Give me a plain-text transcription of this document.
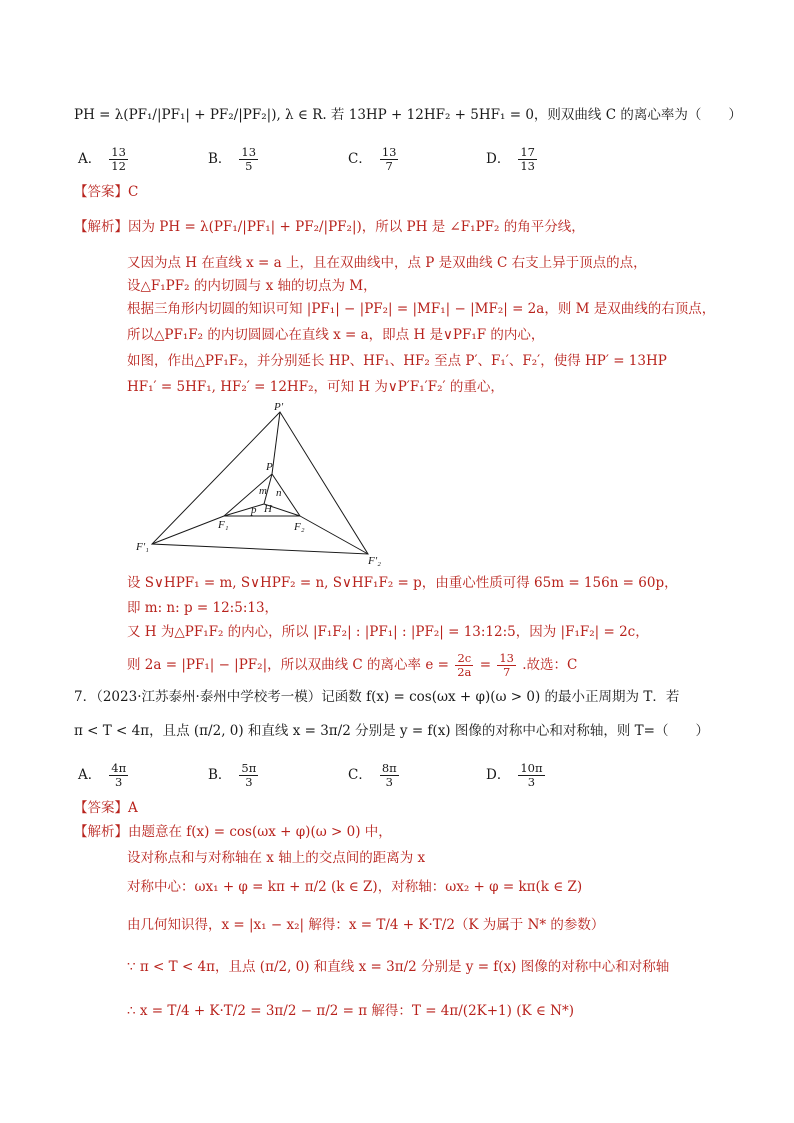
PH = λ(PF₁/|PF₁| + PF₂/|PF₂|), λ ∈ R. 若 13HP + 12HF₂ + 5HF₁ = 0，则双曲线 C 的离心率为（　　）
A． $\frac{13}{12}$	B． $\frac{13}{5}$	C． $\frac{13}{7}$	D． $\frac{17}{13}$
【答案】C
【解析】因为 PH = λ(PF₁/|PF₁| + PF₂/|PF₂|)，所以 PH 是 ∠F₁PF₂ 的角平分线，
又因为点 H 在直线 x = a 上，且在双曲线中，点 P 是双曲线 C 右支上异于顶点的点，
设△F₁PF₂ 的内切圆与 x 轴的切点为 M，
根据三角形内切圆的知识可知 |PF₁| − |PF₂| = |MF₁| − |MF₂| = 2a，则 M 是双曲线的右顶点，
所以△PF₁F₂ 的内切圆圆心在直线 x = a，即点 H 是∨PF₁F 的内心，
如图，作出△PF₁F₂，并分别延长 HP、HF₁、HF₂ 至点 P′、F₁′、F₂′，使得 HP′ = 13HP
HF₁′ = 5HF₁, HF₂′ = 12HF₂，可知 H 为∨P′F₁′F₂′ 的重心，
P′
P
m n
p H
F₁	F₂
F′₁
F′₂
设 S∨HPF₁ = m, S∨HPF₂ = n, S∨HF₁F₂ = p，由重心性质可得 65m = 156n = 60p，
即 m: n: p = 12:5:13，
又 H 为△PF₁F₂ 的内心，所以 |F₁F₂| : |PF₁| : |PF₂| = 13:12:5，因为 |F₁F₂| = 2c，
则 2a = |PF₁| − |PF₂|，所以双曲线 C 的离心率 $e = \frac{2c}{2a} = \frac{13}{7}$ .故选：C
7．（2023·江苏泰州·泰州中学校考一模）记函数 f(x) = cos(ωx + φ)(ω > 0) 的最小正周期为 T．若
π < T < 4π，且点 (π/2, 0) 和直线 x = 3π/2 分别是 y = f(x) 图像的对称中心和对称轴，则 T=（　　）
A． $\frac{4\pi}{3}$	B． $\frac{5\pi}{3}$	C． $\frac{8\pi}{3}$	D． $\frac{10\pi}{3}$
【答案】A
【解析】由题意在 f(x) = cos(ωx + φ)(ω > 0) 中，
设对称点和与对称轴在 x 轴上的交点间的距离为 x
对称中心：ωx₁ + φ = kπ + π/2 (k ∈ Z)，对称轴：ωx₂ + φ = kπ(k ∈ Z)
由几何知识得，x = |x₁ − x₂| 解得：x = T/4 + K·T/2（K 为属于 N* 的参数）
∵ π < T < 4π，且点 (π/2, 0) 和直线 x = 3π/2 分别是 y = f(x) 图像的对称中心和对称轴
∴ x = T/4 + K·T/2 = 3π/2 − π/2 = π 解得：T = 4π/(2K+1) (K ∈ N*)
